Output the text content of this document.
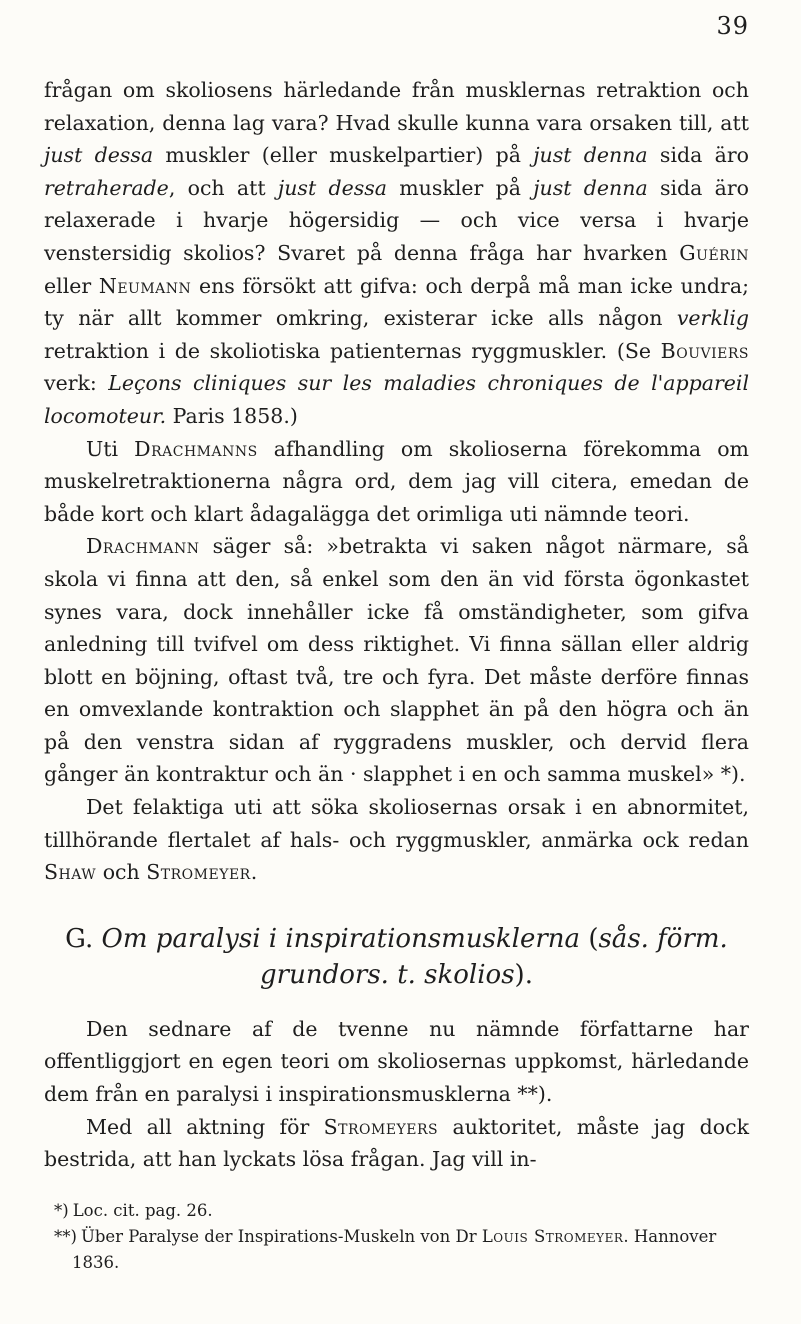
39

frågan om skoliosens härledande från musklernas retraktion och relaxation, denna lag vara? Hvad skulle kunna vara orsaken till, att just dessa muskler (eller muskelpartier) på just denna sida äro retraherade, och att just dessa muskler på just denna sida äro relaxerade i hvarje högersidig — och vice versa i hvarje venstersidig skolios? Svaret på denna fråga har hvarken Guérin eller Neumann ens försökt att gifva: och derpå må man icke undra; ty när allt kommer omkring, existerar icke alls någon verklig retraktion i de skoliotiska patienternas ryggmuskler. (Se Bouviers verk: Leçons cliniques sur les maladies chroniques de l'appareil locomoteur. Paris 1858.)

Uti Drachmanns afhandling om skolioserna förekomma om muskelretraktionerna några ord, dem jag vill citera, emedan de både kort och klart ådagalägga det orimliga uti nämnde teori.

Drachmann säger så: »betrakta vi saken något närmare, så skola vi finna att den, så enkel som den än vid första ögonkastet synes vara, dock innehåller icke få omständigheter, som gifva anledning till tvifvel om dess riktighet. Vi finna sällan eller aldrig blott en böjning, oftast två, tre och fyra. Det måste derföre finnas en omvexlande kontraktion och slapphet än på den högra och än på den venstra sidan af ryggradens muskler, och dervid flera gånger än kontraktur och än · slapphet i en och samma muskel» *).

Det felaktiga uti att söka skoliosernas orsak i en abnormitet, tillhörande flertalet af hals- och ryggmuskler, anmärka ock redan Shaw och Stromeyer.

G. Om paralysi i inspirationsmusklerna (sås. förm. grundors. t. skolios).

Den sednare af de tvenne nu nämnde författarne har offentliggjort en egen teori om skoliosernas uppkomst, härledande dem från en paralysi i inspirationsmusklerna **).

Med all aktning för Stromeyers auktoritet, måste jag dock bestrida, att han lyckats lösa frågan. Jag vill in-

*) Loc. cit. pag. 26.
**) Über Paralyse der Inspirations-Muskeln von Dr Louis Stromeyer. Hannover 1836.
